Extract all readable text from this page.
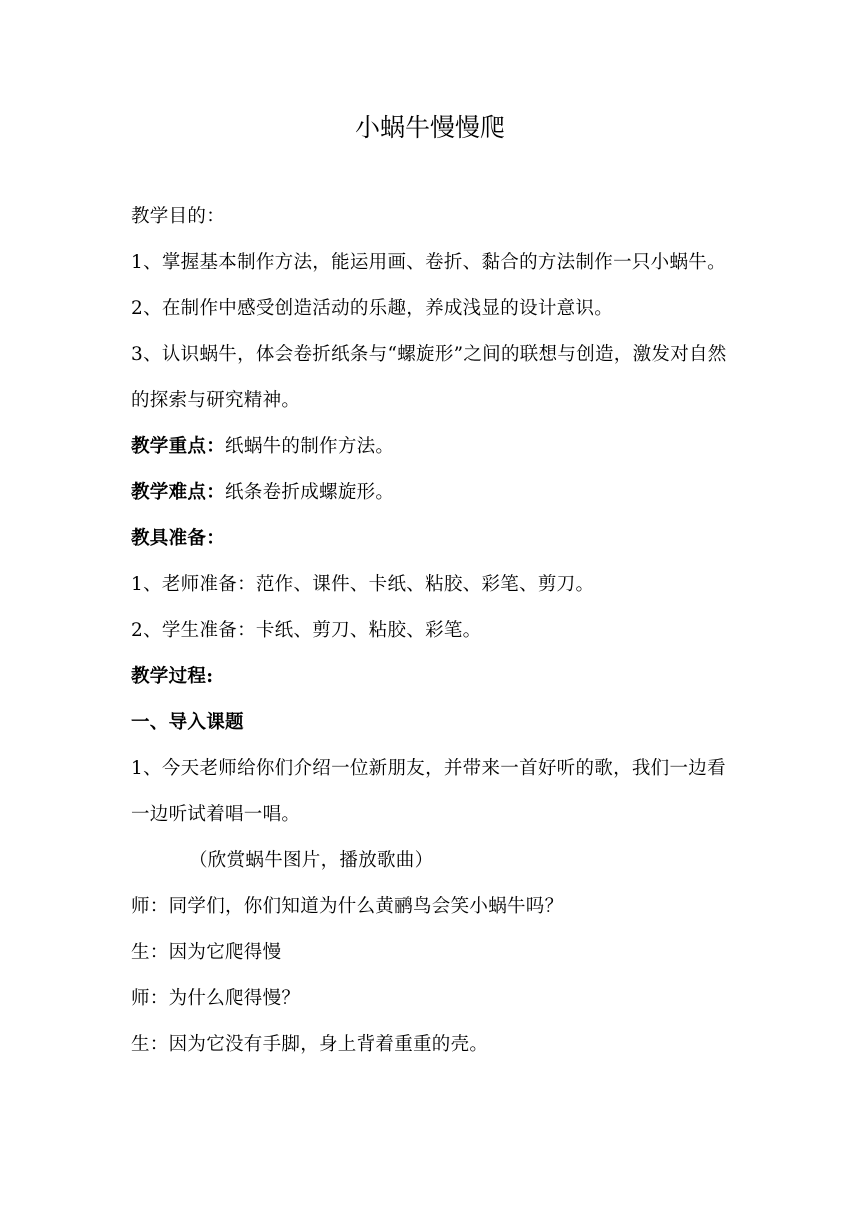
小蜗牛慢慢爬

教学目的：

1、掌握基本制作方法，能运用画、卷折、黏合的方法制作一只小蜗牛。

2、在制作中感受创造活动的乐趣，养成浅显的设计意识。

3、认识蜗牛，体会卷折纸条与“螺旋形”之间的联想与创造，激发对自然的探索与研究精神。

教学重点：纸蜗牛的制作方法。

教学难点：纸条卷折成螺旋形。

教具准备：

1、老师准备：范作、课件、卡纸、粘胶、彩笔、剪刀。

2、学生准备：卡纸、剪刀、粘胶、彩笔。

教学过程:

一、导入课题

1、今天老师给你们介绍一位新朋友，并带来一首好听的歌，我们一边看一边听试着唱一唱。

（欣赏蜗牛图片，播放歌曲）

师：同学们，你们知道为什么黄鹂鸟会笑小蜗牛吗？

生：因为它爬得慢

师：为什么爬得慢？

生：因为它没有手脚，身上背着重重的壳。
